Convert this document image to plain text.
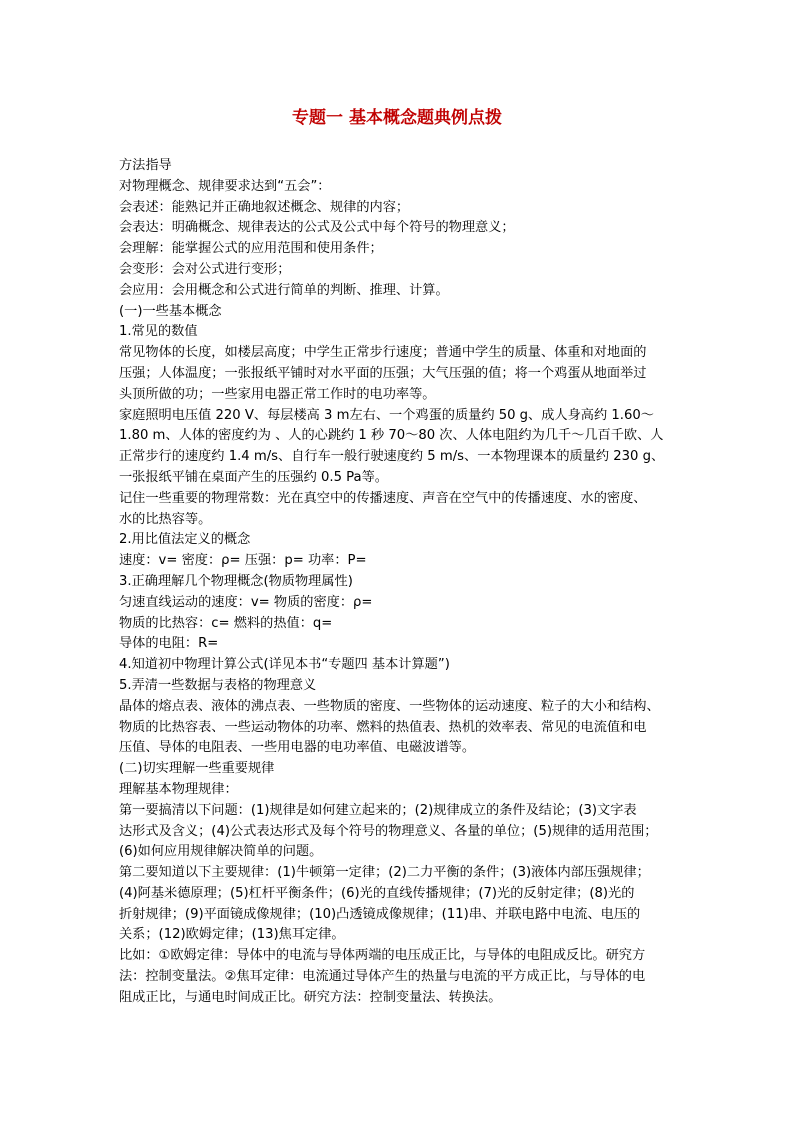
专题一 基本概念题典例点拨
方法指导
对物理概念、规律要求达到“五会”：
会表述：能熟记并正确地叙述概念、规律的内容；
会表达：明确概念、规律表达的公式及公式中每个符号的物理意义；
会理解：能掌握公式的应用范围和使用条件；
会变形：会对公式进行变形；
会应用：会用概念和公式进行简单的判断、推理、计算。
(一)一些基本概念
1.常见的数值
常见物体的长度，如楼层高度；中学生正常步行速度；普通中学生的质量、体重和对地面的
压强；人体温度；一张报纸平铺时对水平面的压强；大气压强的值；将一个鸡蛋从地面举过
头顶所做的功；一些家用电器正常工作时的电功率等。
家庭照明电压值 220 V、每层楼高 3 m左右、一个鸡蛋的质量约 50 g、成人身高约 1.60～
1.80 m、人体的密度约为 、人的心跳约 1 秒 70～80 次、人体电阻约为几千～几百千欧、人
正常步行的速度约 1.4 m/s、自行车一般行驶速度约 5 m/s、一本物理课本的质量约 230 g、
一张报纸平铺在桌面产生的压强约 0.5 Pa等。
记住一些重要的物理常数：光在真空中的传播速度、声音在空气中的传播速度、水的密度、
水的比热容等。
2.用比值法定义的概念
速度：v= 密度：ρ= 压强：p= 功率：P=
3.正确理解几个物理概念(物质物理属性)
匀速直线运动的速度：v= 物质的密度：ρ=
物质的比热容：c= 燃料的热值：q=
导体的电阻：R=
4.知道初中物理计算公式(详见本书“专题四 基本计算题”)
5.弄清一些数据与表格的物理意义
晶体的熔点表、液体的沸点表、一些物质的密度、一些物体的运动速度、粒子的大小和结构、
物质的比热容表、一些运动物体的功率、燃料的热值表、热机的效率表、常见的电流值和电
压值、导体的电阻表、一些用电器的电功率值、电磁波谱等。
(二)切实理解一些重要规律
理解基本物理规律：
第一要搞清以下问题：(1)规律是如何建立起来的；(2)规律成立的条件及结论；(3)文字表
达形式及含义；(4)公式表达形式及每个符号的物理意义、各量的单位；(5)规律的适用范围；
(6)如何应用规律解决简单的问题。
第二要知道以下主要规律：(1)牛顿第一定律；(2)二力平衡的条件；(3)液体内部压强规律；
(4)阿基米德原理；(5)杠杆平衡条件；(6)光的直线传播规律；(7)光的反射定律；(8)光的
折射规律；(9)平面镜成像规律；(10)凸透镜成像规律；(11)串、并联电路中电流、电压的
关系；(12)欧姆定律；(13)焦耳定律。
比如：①欧姆定律：导体中的电流与导体两端的电压成正比，与导体的电阻成反比。研究方
法：控制变量法。②焦耳定律：电流通过导体产生的热量与电流的平方成正比，与导体的电
阻成正比，与通电时间成正比。研究方法：控制变量法、转换法。
